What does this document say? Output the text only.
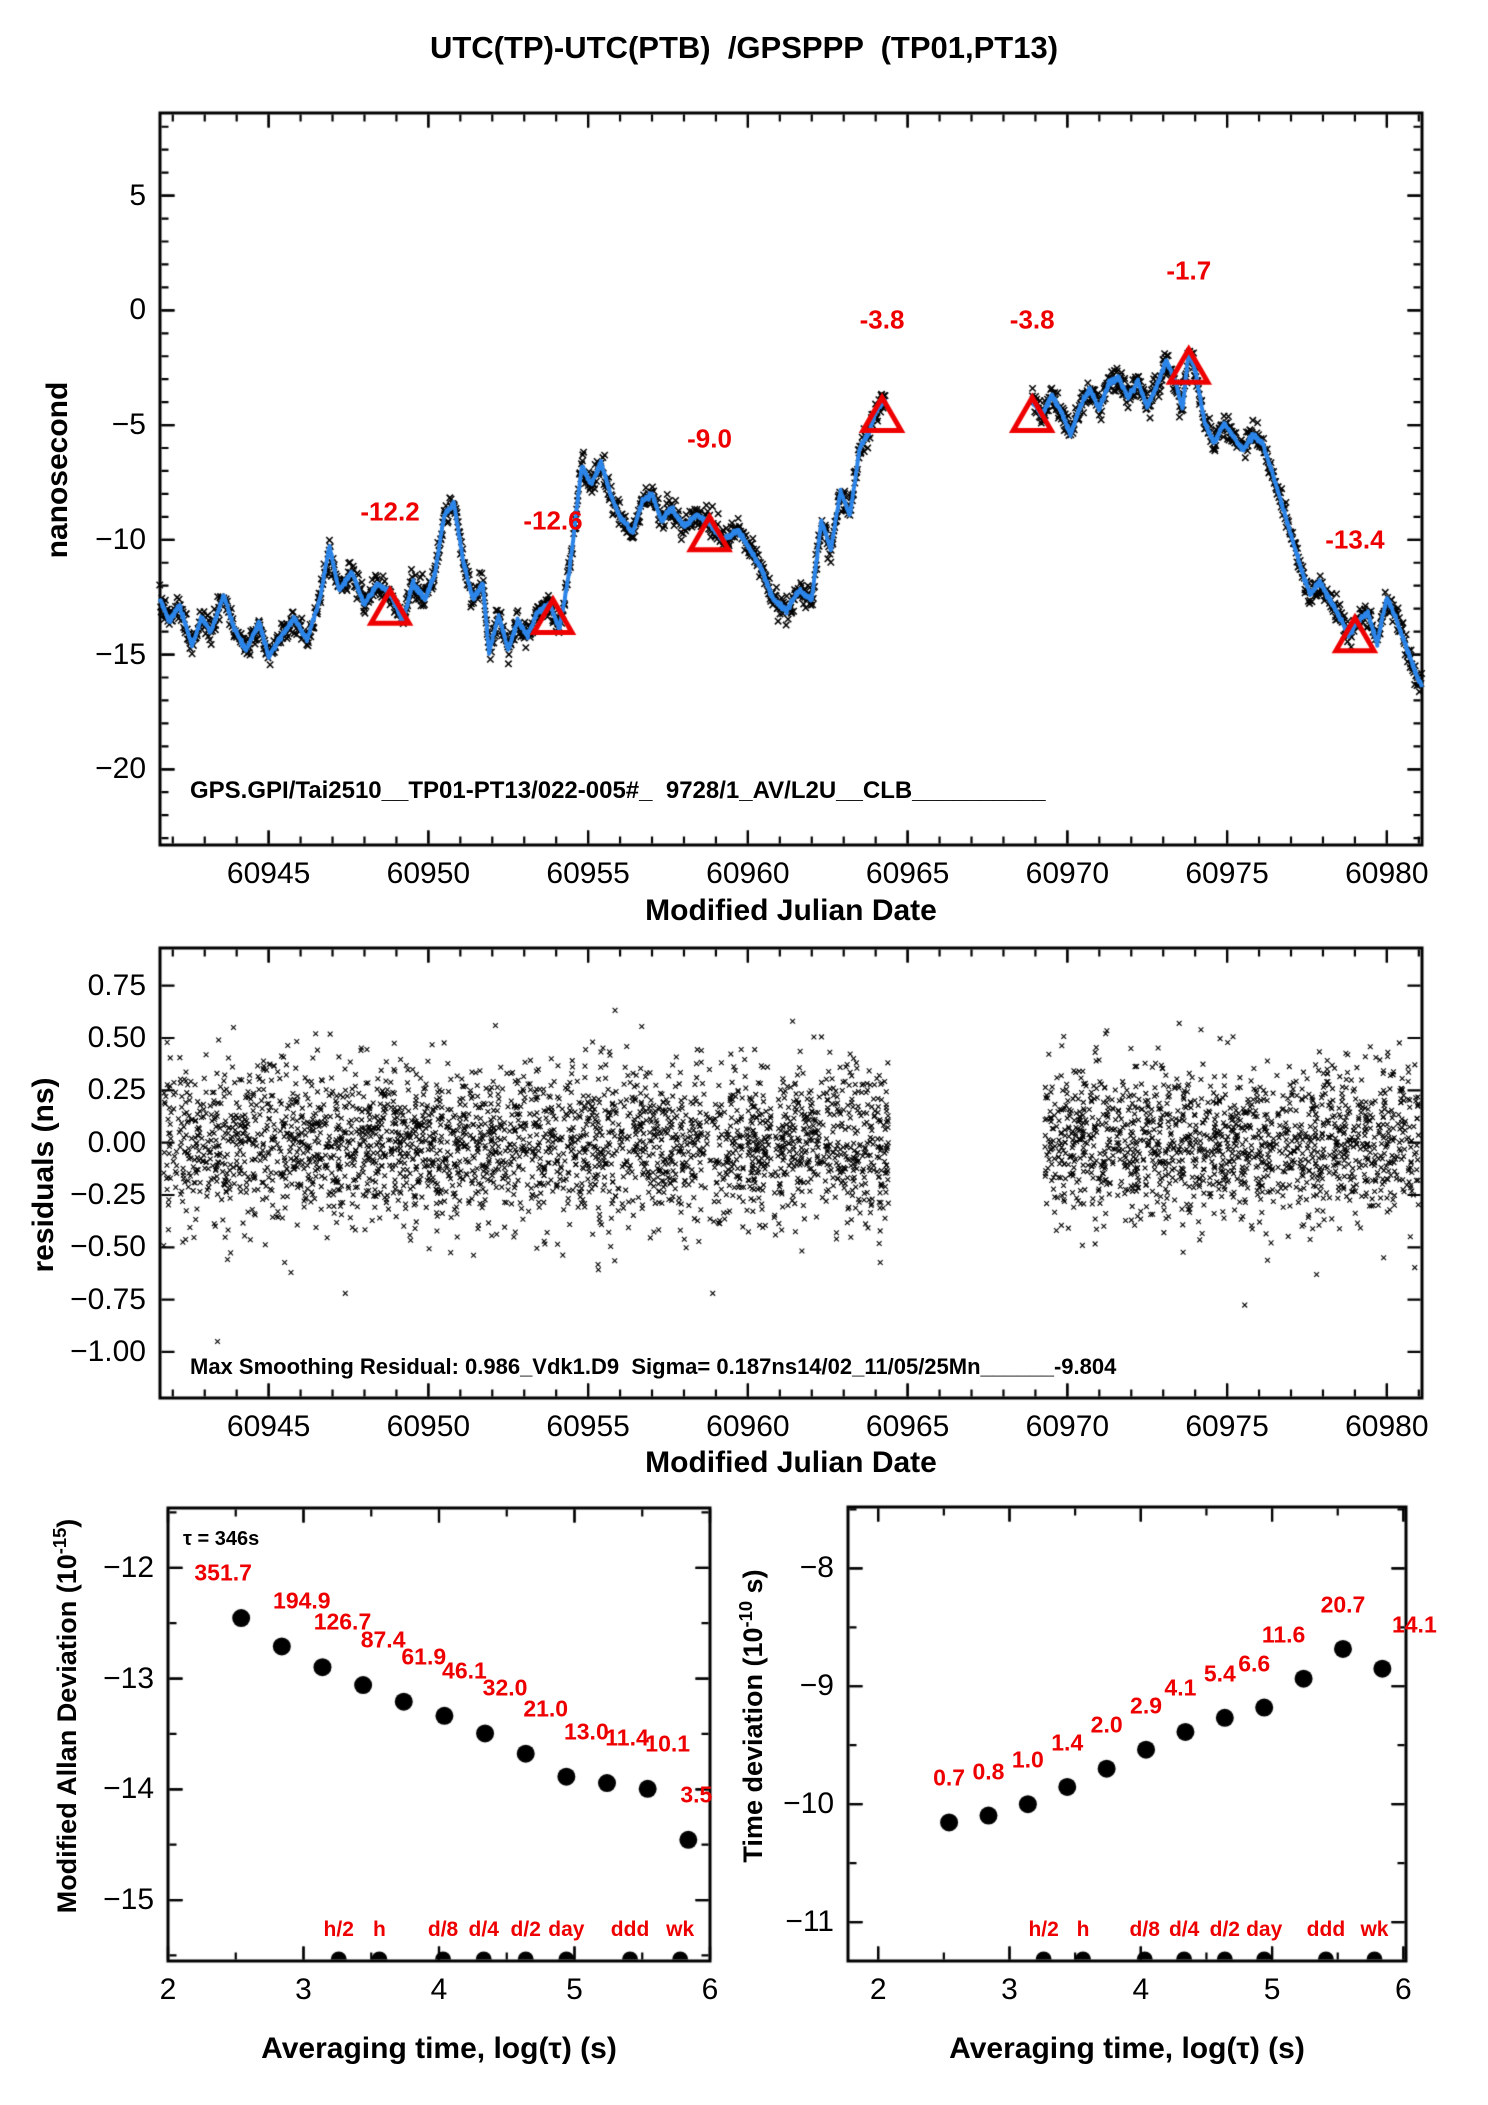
UTC(TP)-UTC(PTB)  /GPSPPP  (TP01,PT13)
nanosecond
Modified Julian Date
GPS.GPI/Tai2510__TP01-PT13/022-005#_  9728/1_AV/L2U__CLB__________
residuals (ns)
Modified Julian Date
Max Smoothing Residual: 0.986_Vdk1.D9  Sigma= 0.187ns14/02_11/05/25Mn______-9.804
Modified Allan Deviation $(10^{-15})$
Averaging time, log(τ) (s)
τ = 346s
Time deviation ($10^{-10}$ s)
Averaging time, log(τ) (s)
60945	60950	60955	60960	60965	60970	60975	60980
5
0
−5
−10
−15
−20
-12.2	-12.6
-9.0
-3.8	-3.8
-1.7
-13.4
60945	60950	60955	60960	60965	60970	60975	60980
0.75
0.50
0.25
0.00
−0.25
−0.50
−0.75
−1.00
2	3	4	5	6
−12
−13
−14
−15
351.7
194.9
126.7
87.4
61.9
46.1
32.0
21.0
13.0
11.4
10.1
3.5
h/2 h d/8 d/4 d/2 day ddd wk
2	3	4	5	6
−8
−9
−10
−11
0.7 0.8 1.0
1.4
2.0
2.9
4.1
5.4 6.6
11.6
20.7
14.1
h/2 h d/8 d/4 d/2 day ddd wk
